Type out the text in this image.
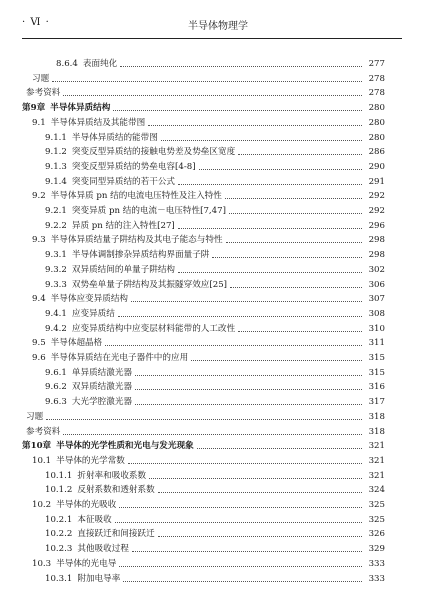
· Ⅵ ·	半导体物理学
8.6.4 表面纯化	277
习题	278
参考资料	278
第9章 半导体异质结构	280
9.1 半导体异质结及其能带图	280
9.1.1 半导体异质结的能带图	280
9.1.2 突变反型异质结的接触电势差及势垒区宽度	286
9.1.3 突变反型异质结的势垒电容[4-8]	290
9.1.4 突变同型异质结的若干公式	291
9.2 半导体异质 pn 结的电流电压特性及注入特性	292
9.2.1 突变异质 pn 结的电流－电压特性[7,47]	292
9.2.2 异质 pn 结的注入特性[27]	296
9.3 半导体异质结量子阱结构及其电子能态与特性	298
9.3.1 半导体调制掺杂异质结构界面量子阱	298
9.3.2 双异质结间的单量子阱结构	302
9.3.3 双势垒单量子阱结构及其振隧穿效应[25]	306
9.4 半导体应变异质结构	307
9.4.1 应变异质结	308
9.4.2 应变异质结构中应变层材料能带的人工改性	310
9.5 半导体超晶格	311
9.6 半导体异质结在光电子器件中的应用	315
9.6.1 单异质结激光器	315
9.6.2 双异质结激光器	316
9.6.3 大光学腔激光器	317
习题	318
参考资料	318
第10章 半导体的光学性质和光电与发光现象	321
10.1 半导体的光学常数	321
10.1.1 折射率和吸收系数	321
10.1.2 反射系数和透射系数	324
10.2 半导体的光吸收	325
10.2.1 本征吸收	325
10.2.2 直接跃迁和间接跃迁	326
10.2.3 其他吸收过程	329
10.3 半导体的光电导	333
10.3.1 附加电导率	333
